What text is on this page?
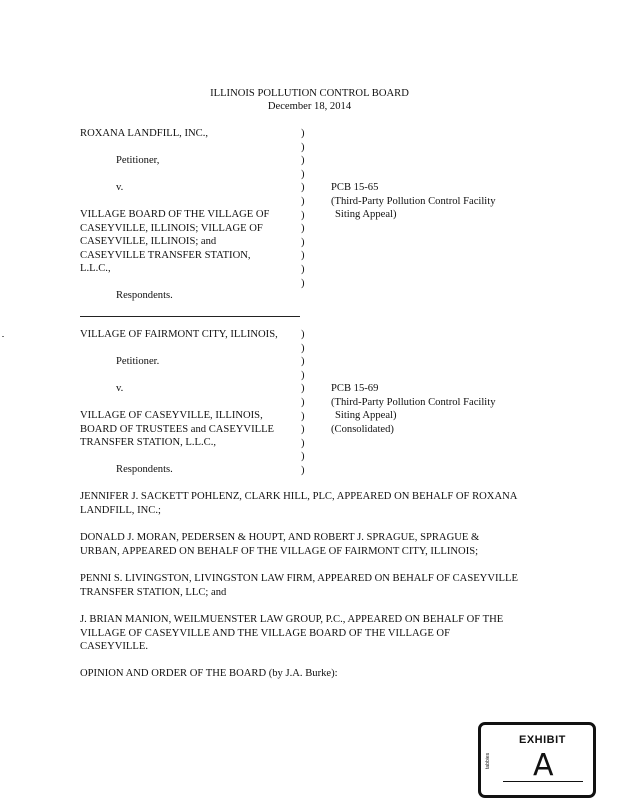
ILLINOIS POLLUTION CONTROL BOARD
December 18, 2014
ROXANA LANDFILL, INC.,
Petitioner,
v.
VILLAGE BOARD OF THE VILLAGE OF
CASEYVILLE, ILLINOIS; VILLAGE OF
CASEYVILLE, ILLINOIS; and
CASEYVILLE TRANSFER STATION,
L.L.C.,
Respondents.
)
)
)
)
)
)
)
)
)
)
)
)
PCB 15-65
(Third-Party Pollution Control Facility
Siting Appeal)
VILLAGE OF FAIRMONT CITY, ILLINOIS,
Petitioner.
v.
VILLAGE OF CASEYVILLE, ILLINOIS,
BOARD OF TRUSTEES and CASEYVILLE
TRANSFER STATION, L.L.C.,
Respondents.
)
)
)
)
)
)
)
)
)
)
)
PCB 15-69
(Third-Party Pollution Control Facility
Siting Appeal)
(Consolidated)
JENNIFER J. SACKETT POHLENZ, CLARK HILL, PLC, APPEARED ON BEHALF OF ROXANA LANDFILL, INC.;
DONALD J. MORAN, PEDERSEN & HOUPT, AND ROBERT J. SPRAGUE, SPRAGUE & URBAN, APPEARED ON BEHALF OF THE VILLAGE OF FAIRMONT CITY, ILLINOIS;
PENNI S. LIVINGSTON, LIVINGSTON LAW FIRM, APPEARED ON BEHALF OF CASEYVILLE TRANSFER STATION, LLC; and
J. BRIAN MANION, WEILMUENSTER LAW GROUP, P.C., APPEARED ON BEHALF OF THE VILLAGE OF CASEYVILLE AND THE VILLAGE BOARD OF THE VILLAGE OF CASEYVILLE.
OPINION AND ORDER OF THE BOARD (by J.A. Burke):
EXHIBIT
tabbies A
